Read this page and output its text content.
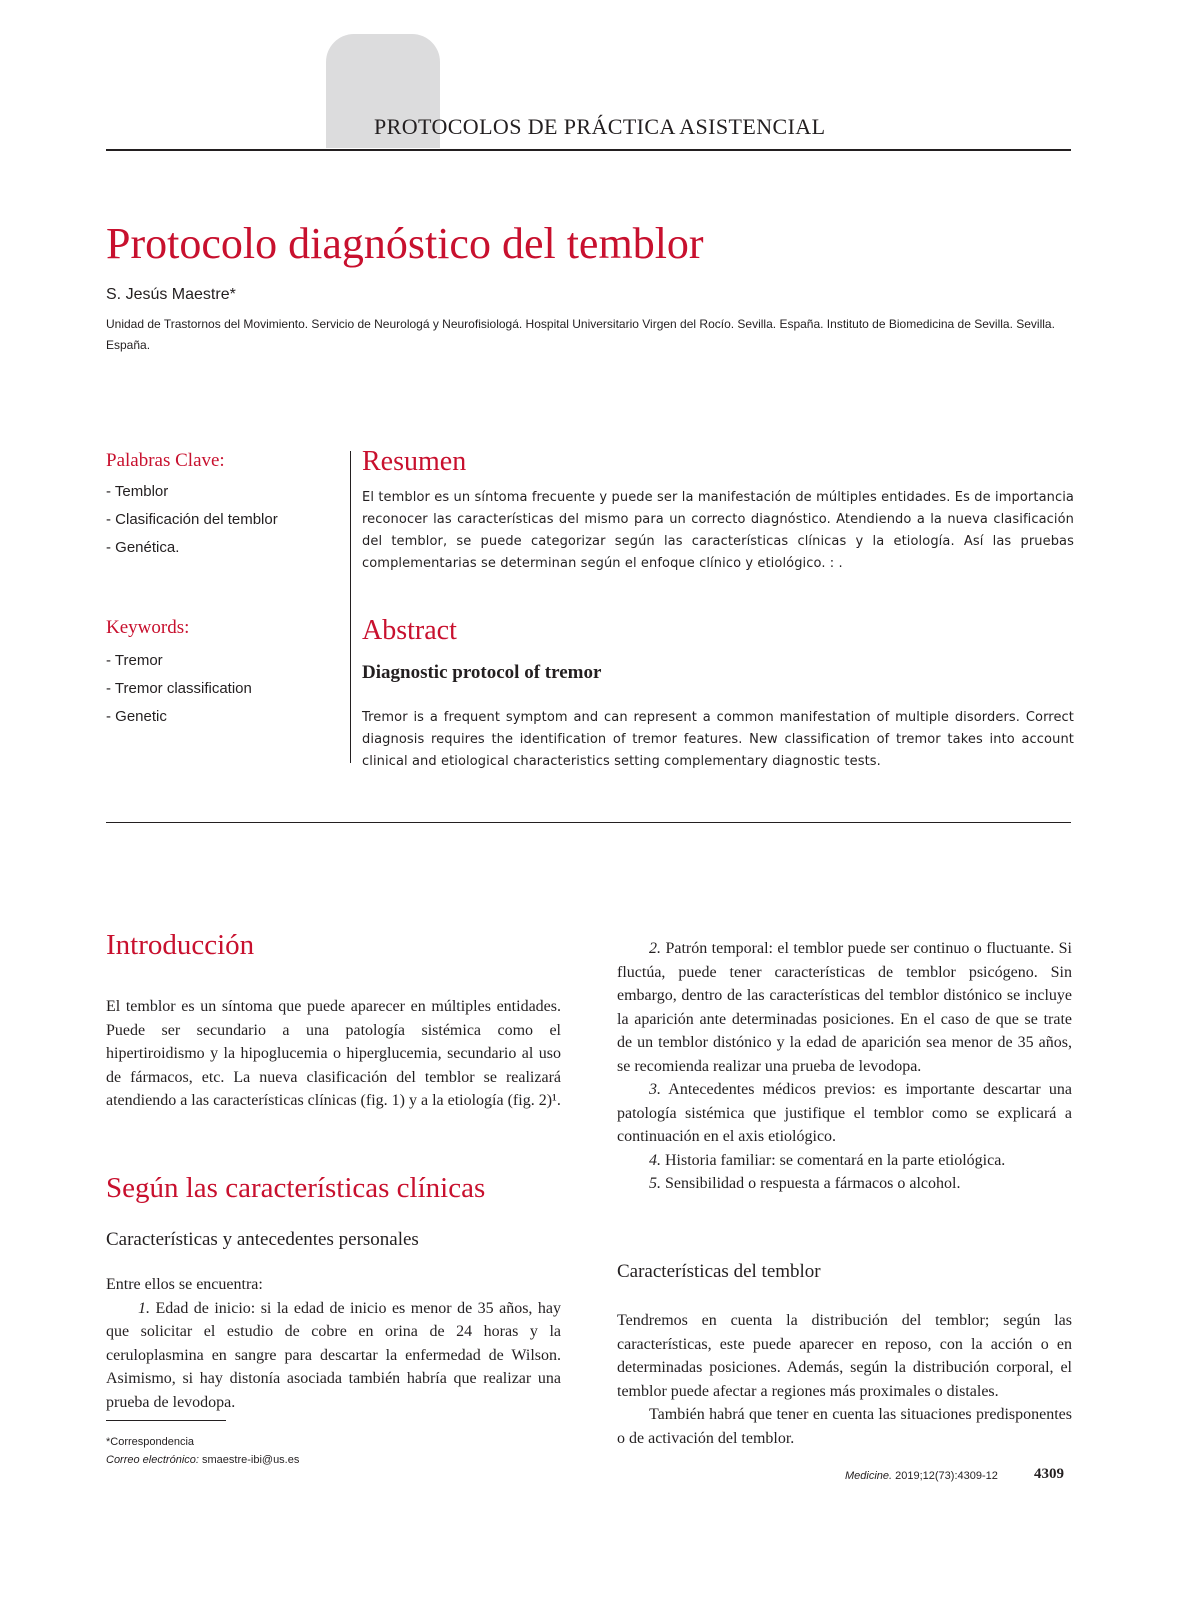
PROTOCOLOS DE PRÁCTICA ASISTENCIAL
Protocolo diagnóstico del temblor
S. Jesús Maestre*
Unidad de Trastornos del Movimiento. Servicio de Neurologá y Neurofisiologá. Hospital Universitario Virgen del Rocío. Sevilla. España. Instituto de Biomedicina de Sevilla. Sevilla. España.
Palabras Clave:
- Temblor
- Clasificación del temblor
- Genética.
Keywords:
- Tremor
- Tremor classification
- Genetic
Resumen
El temblor es un síntoma frecuente y puede ser la manifestación de múltiples entidades. Es de importancia reconocer las características del mismo para un correcto diagnóstico. Atendiendo a la nueva clasificación del temblor, se puede categorizar según las características clínicas y la etiología. Así las pruebas complementarias se determinan según el enfoque clínico y etiológico. : .
Abstract
Diagnostic protocol of tremor
Tremor is a frequent symptom and can represent a common manifestation of multiple disorders. Correct diagnosis requires the identification of tremor features. New classification of tremor takes into account clinical and etiological characteristics setting complementary diagnostic tests.
Introducción

El temblor es un síntoma que puede aparecer en múltiples entidades. Puede ser secundario a una patología sistémica como el hipertiroidismo y la hipoglucemia o hiperglucemia, secundario al uso de fármacos, etc. La nueva clasificación del temblor se realizará atendiendo a las características clínicas (fig. 1) y a la etiología (fig. 2)¹.

Según las características clínicas
Características y antecedentes personales

Entre ellos se encuentra:

1. Edad de inicio: si la edad de inicio es menor de 35 años, hay que solicitar el estudio de cobre en orina de 24 horas y la ceruloplasmina en sangre para descartar la enfermedad de Wilson. Asimismo, si hay distonía asociada también habría que realizar una prueba de levodopa.

*Correspondencia
Correo electrónico: smaestre-ibi@us.es

2. Patrón temporal: el temblor puede ser continuo o fluctuante. Si fluctúa, puede tener características de temblor psicógeno. Sin embargo, dentro de las características del temblor distónico se incluye la aparición ante determinadas posiciones. En el caso de que se trate de un temblor distónico y la edad de aparición sea menor de 35 años, se recomienda realizar una prueba de levodopa.

3. Antecedentes médicos previos: es importante descartar una patología sistémica que justifique el temblor como se explicará a continuación en el axis etiológico.

4. Historia familiar: se comentará en la parte etiológica.

5. Sensibilidad o respuesta a fármacos o alcohol.

Características del temblor

Tendremos en cuenta la distribución del temblor; según las características, este puede aparecer en reposo, con la acción o en determinadas posiciones. Además, según la distribución corporal, el temblor puede afectar a regiones más proximales o distales.

También habrá que tener en cuenta las situaciones predisponentes o de activación del temblor.

Medicine. 2019;12(73):4309-12 4309
